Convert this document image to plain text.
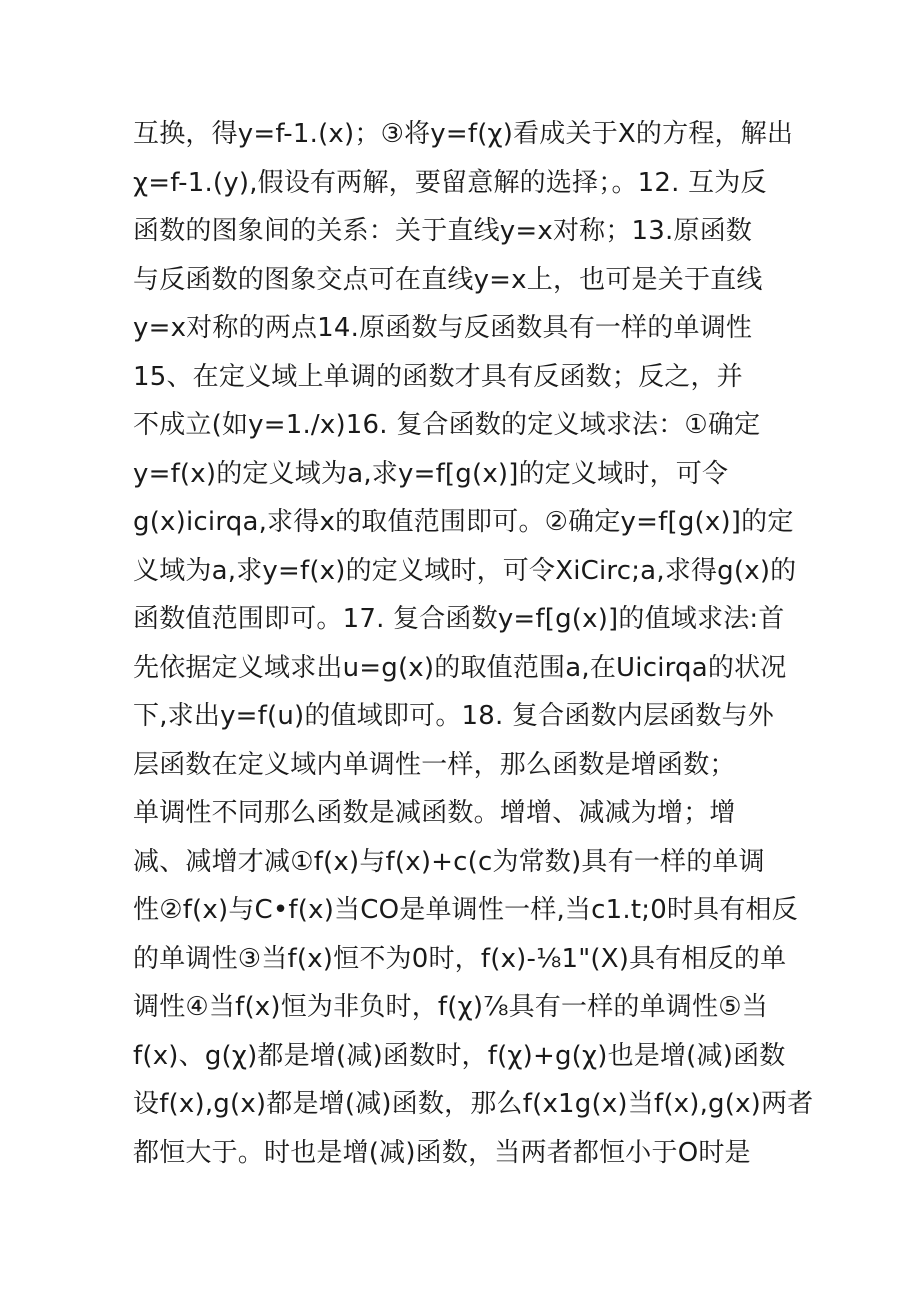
互换，得y=f-1.(x)；③将y=f(χ)看成关于X的方程，解出
χ=f-1.(y),假设有两解，要留意解的选择；。12. 互为反
函数的图象间的关系：关于直线y=x对称；13.原函数
与反函数的图象交点可在直线y=x上，也可是关于直线
y=x对称的两点14.原函数与反函数具有一样的单调性
15、在定义域上单调的函数才具有反函数；反之，并
不成立(如y=1./x)16. 复合函数的定义域求法：①确定
y=f(x)的定义域为a,求y=f[g(x)]的定义域时，可令
g(x)icirqa,求得x的取值范围即可。②确定y=f[g(x)]的定
义域为a,求y=f(x)的定义域时，可令XiCirc;a,求得g(x)的
函数值范围即可。17. 复合函数y=f[g(x)]的值域求法:首
先依据定义域求出u=g(x)的取值范围a,在Uicirqa的状况
下,求出y=f(u)的值域即可。18. 复合函数内层函数与外
层函数在定义域内单调性一样，那么函数是增函数；
单调性不同那么函数是减函数。增增、减减为增；增
减、减增才减①f(x)与f(x)+c(c为常数)具有一样的单调
性②f(x)与C•f(x)当CO是单调性一样,当c1.t;0时具有相反
的单调性③当f(x)恒不为0时，f(x)-⅛1"(X)具有相反的单
调性④当f(x)恒为非负时，f(χ)⅞具有一样的单调性⑤当
f(x)、g(χ)都是增(减)函数时，f(χ)+g(χ)也是增(减)函数
设f(x),g(x)都是增(减)函数，那么f(x1g(x)当f(x),g(x)两者
都恒大于。时也是增(减)函数，当两者都恒小于O时是
